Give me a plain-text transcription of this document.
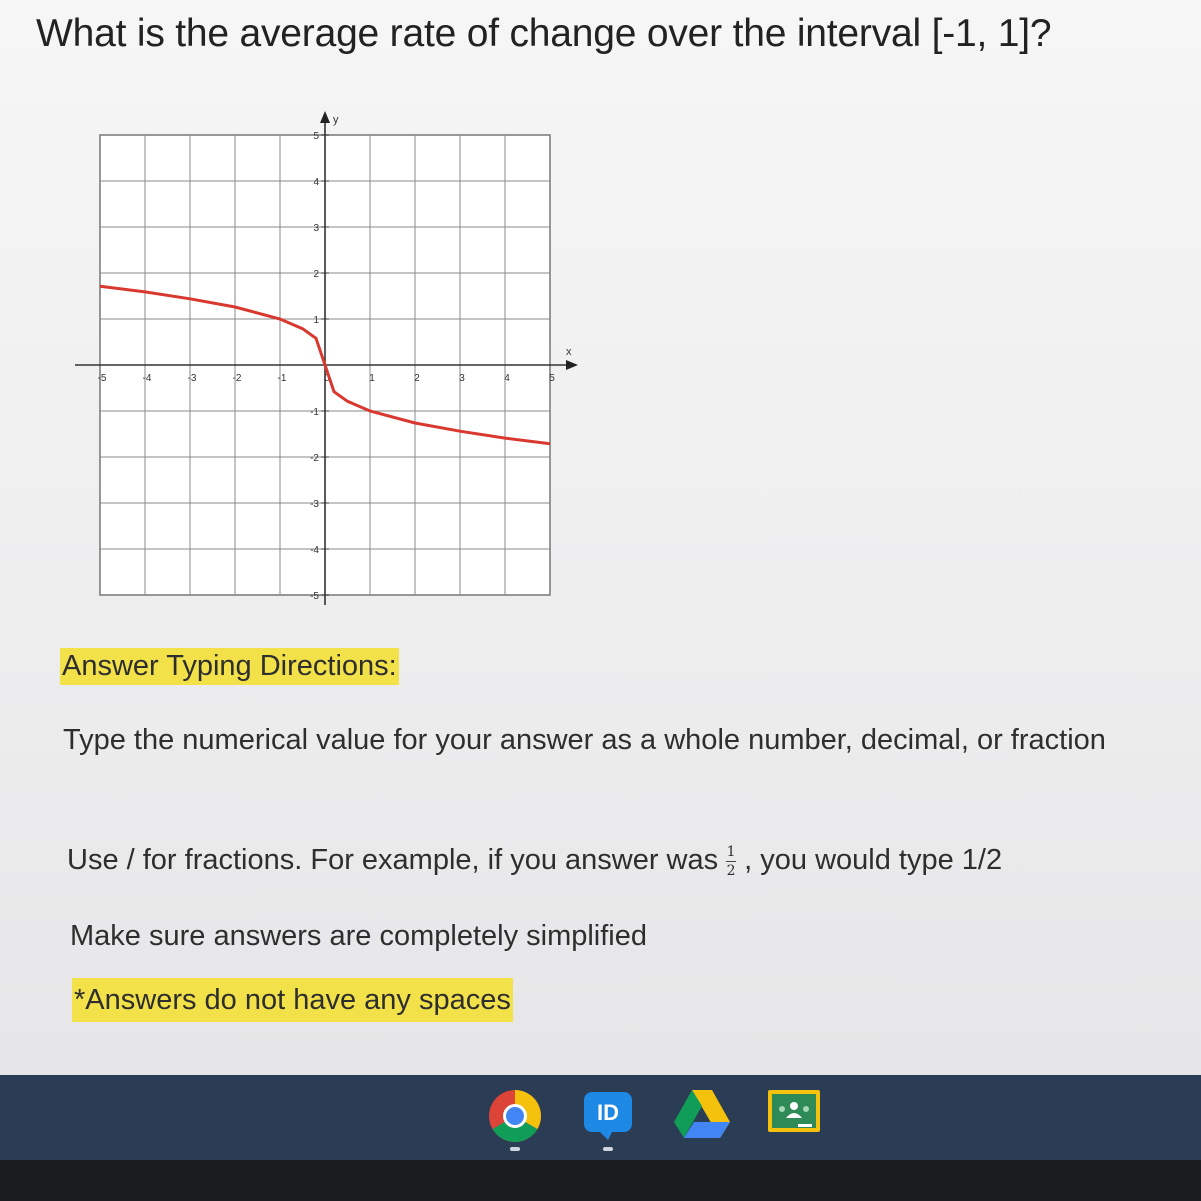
What is the average rate of change over the interval [-1, 1]?
-5	-4	-3	-2	-1	0	1	2	3	4	5
5
4
3
2
1
-1
-2
-3
-4
-5
x
y
Answer Typing Directions:

Type the numerical value for your answer as a whole number, decimal, or fraction

Use / for fractions. For example, if you answer was $\frac{1}{2}$ , you would type 1/2

Make sure answers are completely simplified

*Answers do not have any spaces

ID
